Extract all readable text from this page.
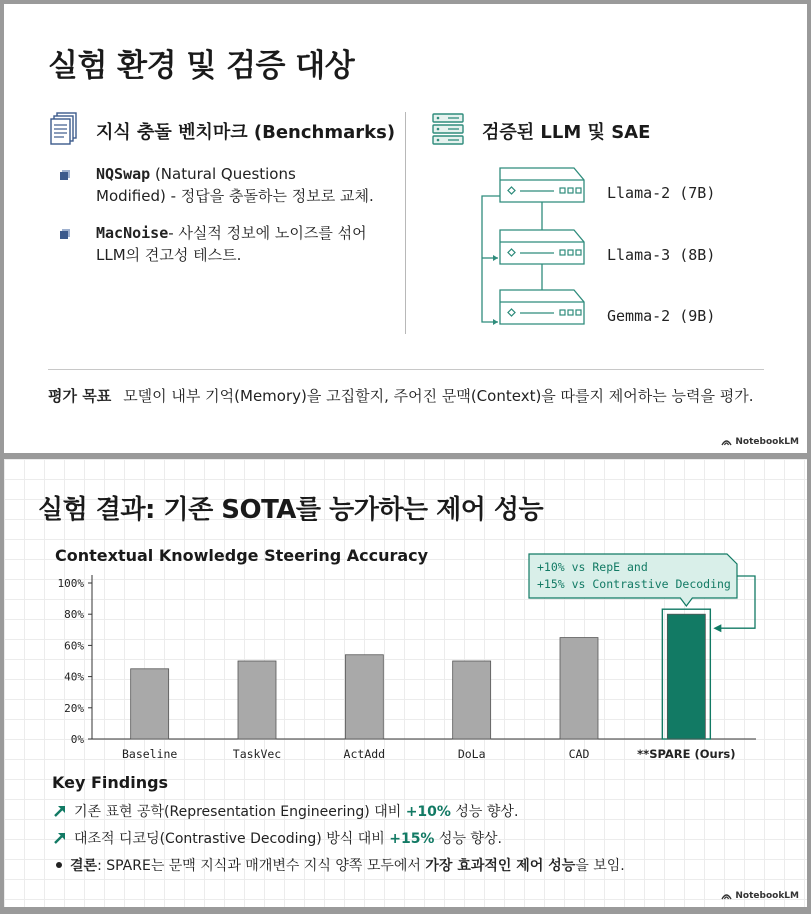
실험 환경 및 검증 대상
지식 충돌 벤치마크 (Benchmarks)
NQSwap (Natural Questions
Modified) - 정답을 충돌하는 정보로 교체.
MacNoise- 사실적 정보에 노이즈를 섞어
LLM의 견고성 테스트.
검증된 LLM 및 SAE
Llama-2 (7B)
Llama-3 (8B)
Gemma-2 (9B)
평가 목표 모델이 내부 기억(Memory)을 고집할지, 주어진 문맥(Context)을 따를지 제어하는 능력을 평가.
NotebookLM
실험 결과: 기존 SOTA를 능가하는 제어 성능
Contextual Knowledge Steering Accuracy
0%
20%
40%
60%
80%
100%
Baseline	TaskVec	ActAdd	DoLa	CAD	**SPARE (Ours)
+10% vs RepE and
+15% vs Contrastive Decoding
Key Findings
기존 표현 공학(Representation Engineering) 대비 +10% 성능 향상.
대조적 디코딩(Contrastive Decoding) 방식 대비 +15% 성능 향상.
결론: SPARE는 문맥 지식과 매개변수 지식 양쪽 모두에서 가장 효과적인 제어 성능을 보임.
NotebookLM
